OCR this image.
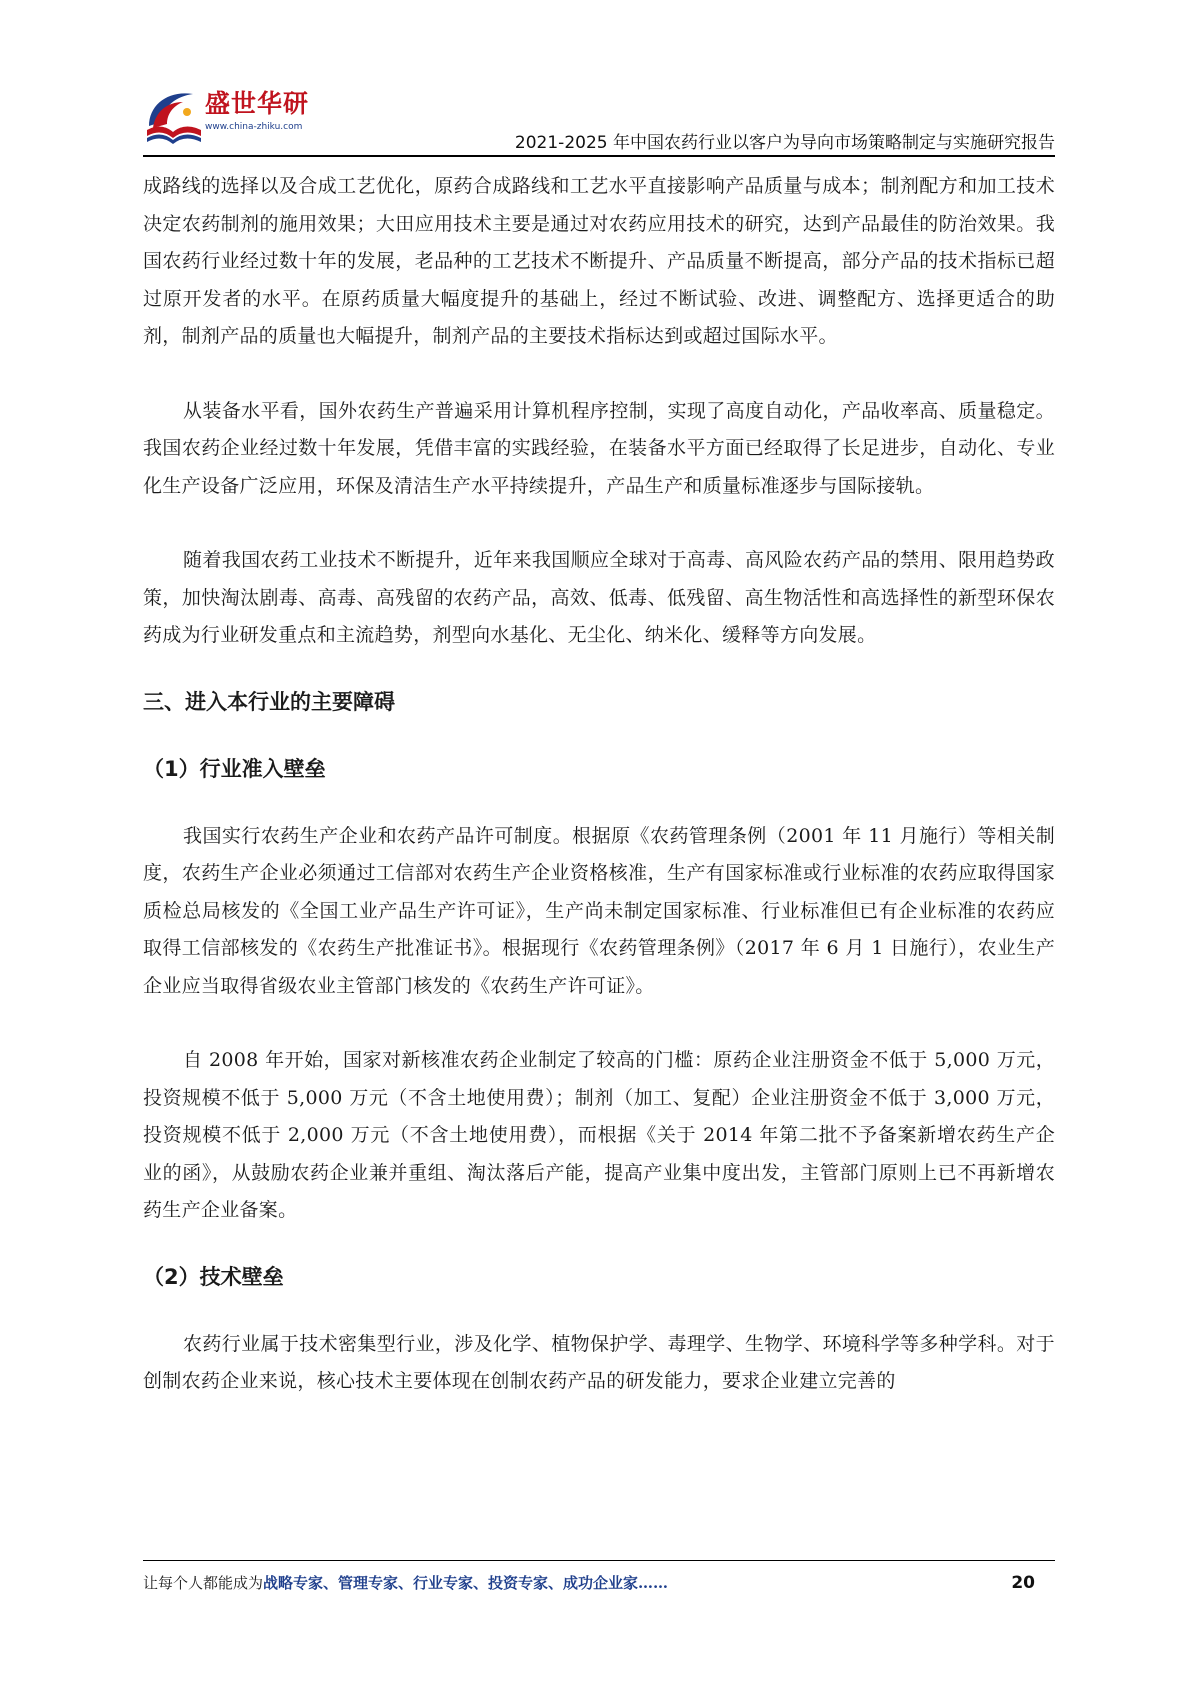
盛世华研
www.china-zhiku.com
2021-2025 年中国农药行业以客户为导向市场策略制定与实施研究报告

成路线的选择以及合成工艺优化，原药合成路线和工艺水平直接影响产品质量与成本；制剂配方和加工技术决定农药制剂的施用效果；大田应用技术主要是通过对农药应用技术的研究，达到产品最佳的防治效果。我国农药行业经过数十年的发展，老品种的工艺技术不断提升、产品质量不断提高，部分产品的技术指标已超过原开发者的水平。在原药质量大幅度提升的基础上，经过不断试验、改进、调整配方、选择更适合的助剂，制剂产品的质量也大幅提升，制剂产品的主要技术指标达到或超过国际水平。

从装备水平看，国外农药生产普遍采用计算机程序控制，实现了高度自动化，产品收率高、质量稳定。我国农药企业经过数十年发展，凭借丰富的实践经验，在装备水平方面已经取得了长足进步，自动化、专业化生产设备广泛应用，环保及清洁生产水平持续提升，产品生产和质量标准逐步与国际接轨。

随着我国农药工业技术不断提升，近年来我国顺应全球对于高毒、高风险农药产品的禁用、限用趋势政策，加快淘汰剧毒、高毒、高残留的农药产品，高效、低毒、低残留、高生物活性和高选择性的新型环保农药成为行业研发重点和主流趋势，剂型向水基化、无尘化、纳米化、缓释等方向发展。

三、进入本行业的主要障碍
（1）行业准入壁垒

我国实行农药生产企业和农药产品许可制度。根据原《农药管理条例（2001 年 11 月施行）等相关制度，农药生产企业必须通过工信部对农药生产企业资格核准，生产有国家标准或行业标准的农药应取得国家质检总局核发的《全国工业产品生产许可证》，生产尚未制定国家标准、行业标准但已有企业标准的农药应取得工信部核发的《农药生产批准证书》。根据现行《农药管理条例》（2017 年 6 月 1 日施行），农业生产企业应当取得省级农业主管部门核发的《农药生产许可证》。

自 2008 年开始，国家对新核准农药企业制定了较高的门槛：原药企业注册资金不低于 5,000 万元，投资规模不低于 5,000 万元（不含土地使用费）；制剂（加工、复配）企业注册资金不低于 3,000 万元，投资规模不低于 2,000 万元（不含土地使用费），而根据《关于 2014 年第二批不予备案新增农药生产企业的函》，从鼓励农药企业兼并重组、淘汰落后产能，提高产业集中度出发，主管部门原则上已不再新增农药生产企业备案。

（2）技术壁垒

农药行业属于技术密集型行业，涉及化学、植物保护学、毒理学、生物学、环境科学等多种学科。对于创制农药企业来说，核心技术主要体现在创制农药产品的研发能力，要求企业建立完善的

让每个人都能成为战略专家、管理专家、行业专家、投资专家、成功企业家……	20
